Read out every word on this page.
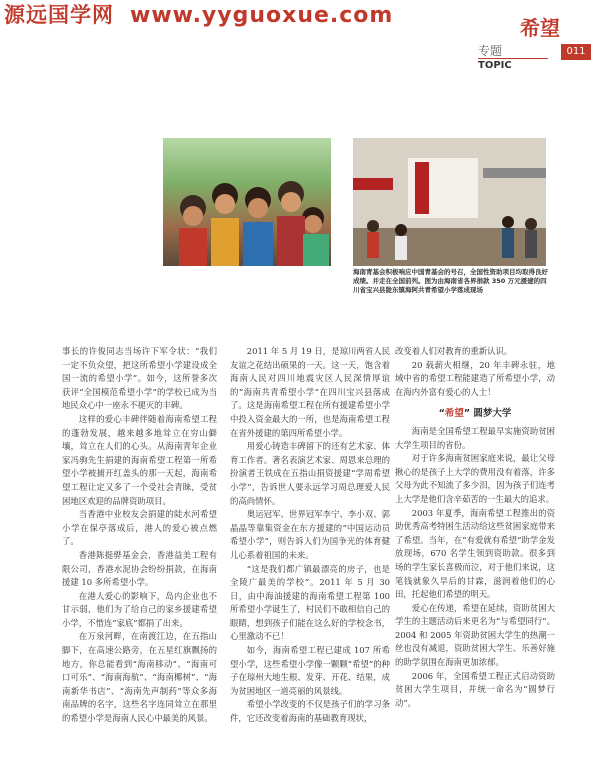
源远国学网 www.yyguoxue.com	希望
专题
TOPIC
011
海南青基会积极响应中国青基会的号召，全国性资助项目均取得良好成绩。并走在全国前列。图为由海南省各界捐款 350 万元援建的四川省宝兴县陇东镇海阿共青希望小学落成现场

事长的许俊同志当场许下军令状：“我们一定不负众望，把这所希望小学建设成全国一流的希望小学”。如今，这所誉多次获评“全国模范希望小学”的学校已成为当地民众心中一座永不褪灭的丰碑。

这样的爱心丰碑伴随着海南希望工程的蓬勃发展，越来越多地耸立在穷山僻壤，耸立在人们的心头。从海南青年企业家冯驹先生捐建的海南希望工程第一所希望小学被捕开红盖头的那一天起，海南希望工程让定又多了一个受社会青睐，受贫困地区欢迎的品牌资助项目。

当香港中业校友会捐建的陡水河希望小学在保亭落成后，港人的爱心被点燃了。

香港陈挺骅基金会，香港益美工程有限公司，香港水泥协会纷纷捐款，在海南援建 10 多所希望小学。

在港人爱心的影响下，岛内企业也不甘示弱，他们为了给自己的家乡援建希望小学，不惜连“家底”都捐了出来。

在万泉河畔，在南渡江边，在五指山脚下，在高速公路旁，在五星红旗飘扬的地方，你总能看到“海南移动”、“海南可口可乐”、“海南海航”、“海南椰树”、“海南新华书店”、“海南先声制药”等众多海南品牌的名字，这些名字连同耸立在那里的希望小学是海南人民心中最美的风景。

2011 年 5 月 19 日，是琼川两省人民友谊之花结出硕果的一天。这一天，饱含着海南人民对四川地震灾区人民深情厚谊的“海南共青希望小学”在四川宝兴县落成了。这是海南希望工程在所有援建希望小学中投入资金最大的一所，也是海南希望工程在省外援建的第四所希望小学。

用爱心铸造丰碑留下的还有艺术家、体育工作者。著名表演艺术家、周恩来总理的扮演者王铁成在五指山捐资援建“学周希望小学”，告诉世人要永远学习周总理爱人民的高尚情怀。

奥运冠军、世界冠军李宁、李小双、郭晶晶等靠集资金在东方援建的“中国运动员希望小学”，则告诉人们为国争光的体育健儿心系着祖国的未来。

“这是我们都广镇最漂亮的房子，也是全陵广最美的学校”。2011 年 5 月 30 日，由中海油援建的海南希望工程第 100 所希望小学诞生了，村民们不敢相信自己的眼睛，想到孩子们能在这么好的学校念书，心里激动不已！

如今，海南希望工程已建成 107 所希望小学，这些希望小学像一颗颗“希望”的种子在琼州大地生根、发芽、开花、结果，成为贫困地区一道亮丽的风景线。

希望小学改变的不仅是孩子们的学习条件，它还改变着海南的基础教育现状，

改变着人们对教育的重新认识。

20 载薪火相继，20 年丰碑永驻，地域中省的希望工程能建造了所希望小学，动在海内外富有爱心的人士！

“希望” 圆梦大学

海南是全国希望工程最早实施资助贫困大学生项目的省份。

对于许多海南贫困家庭来说，最让父母揪心的是孩子上大学的费用没有着落，许多父母为此不知流了多少泪，因为孩子们连考上大学是他们含辛茹苦的一生最大的追求。

2003 年夏季，海南希望工程推出的资助优秀高考特困生活动给这些贫困家庭带来了希望。当年，在“有爱就有希望”助学金发放现场，670 名学生领到资助款。很多到场的学生家长喜极而泣，对于他们来说，这笔钱就象久旱后的甘霖，滋润着他们的心田，托起他们希望的明天。

爱心在传递，希望在延续，资助贫困大学生的主题活动后来更名为“与希望同行”。2004 和 2005 年资助贫困大学生的热潮一丝也没有减退，资助贫困大学生、乐善好施的助学氛围在海南更加浓郁。

2006 年，全国希望工程正式启动资助贫困大学生项目，并统一命名为“圆梦行动”。
